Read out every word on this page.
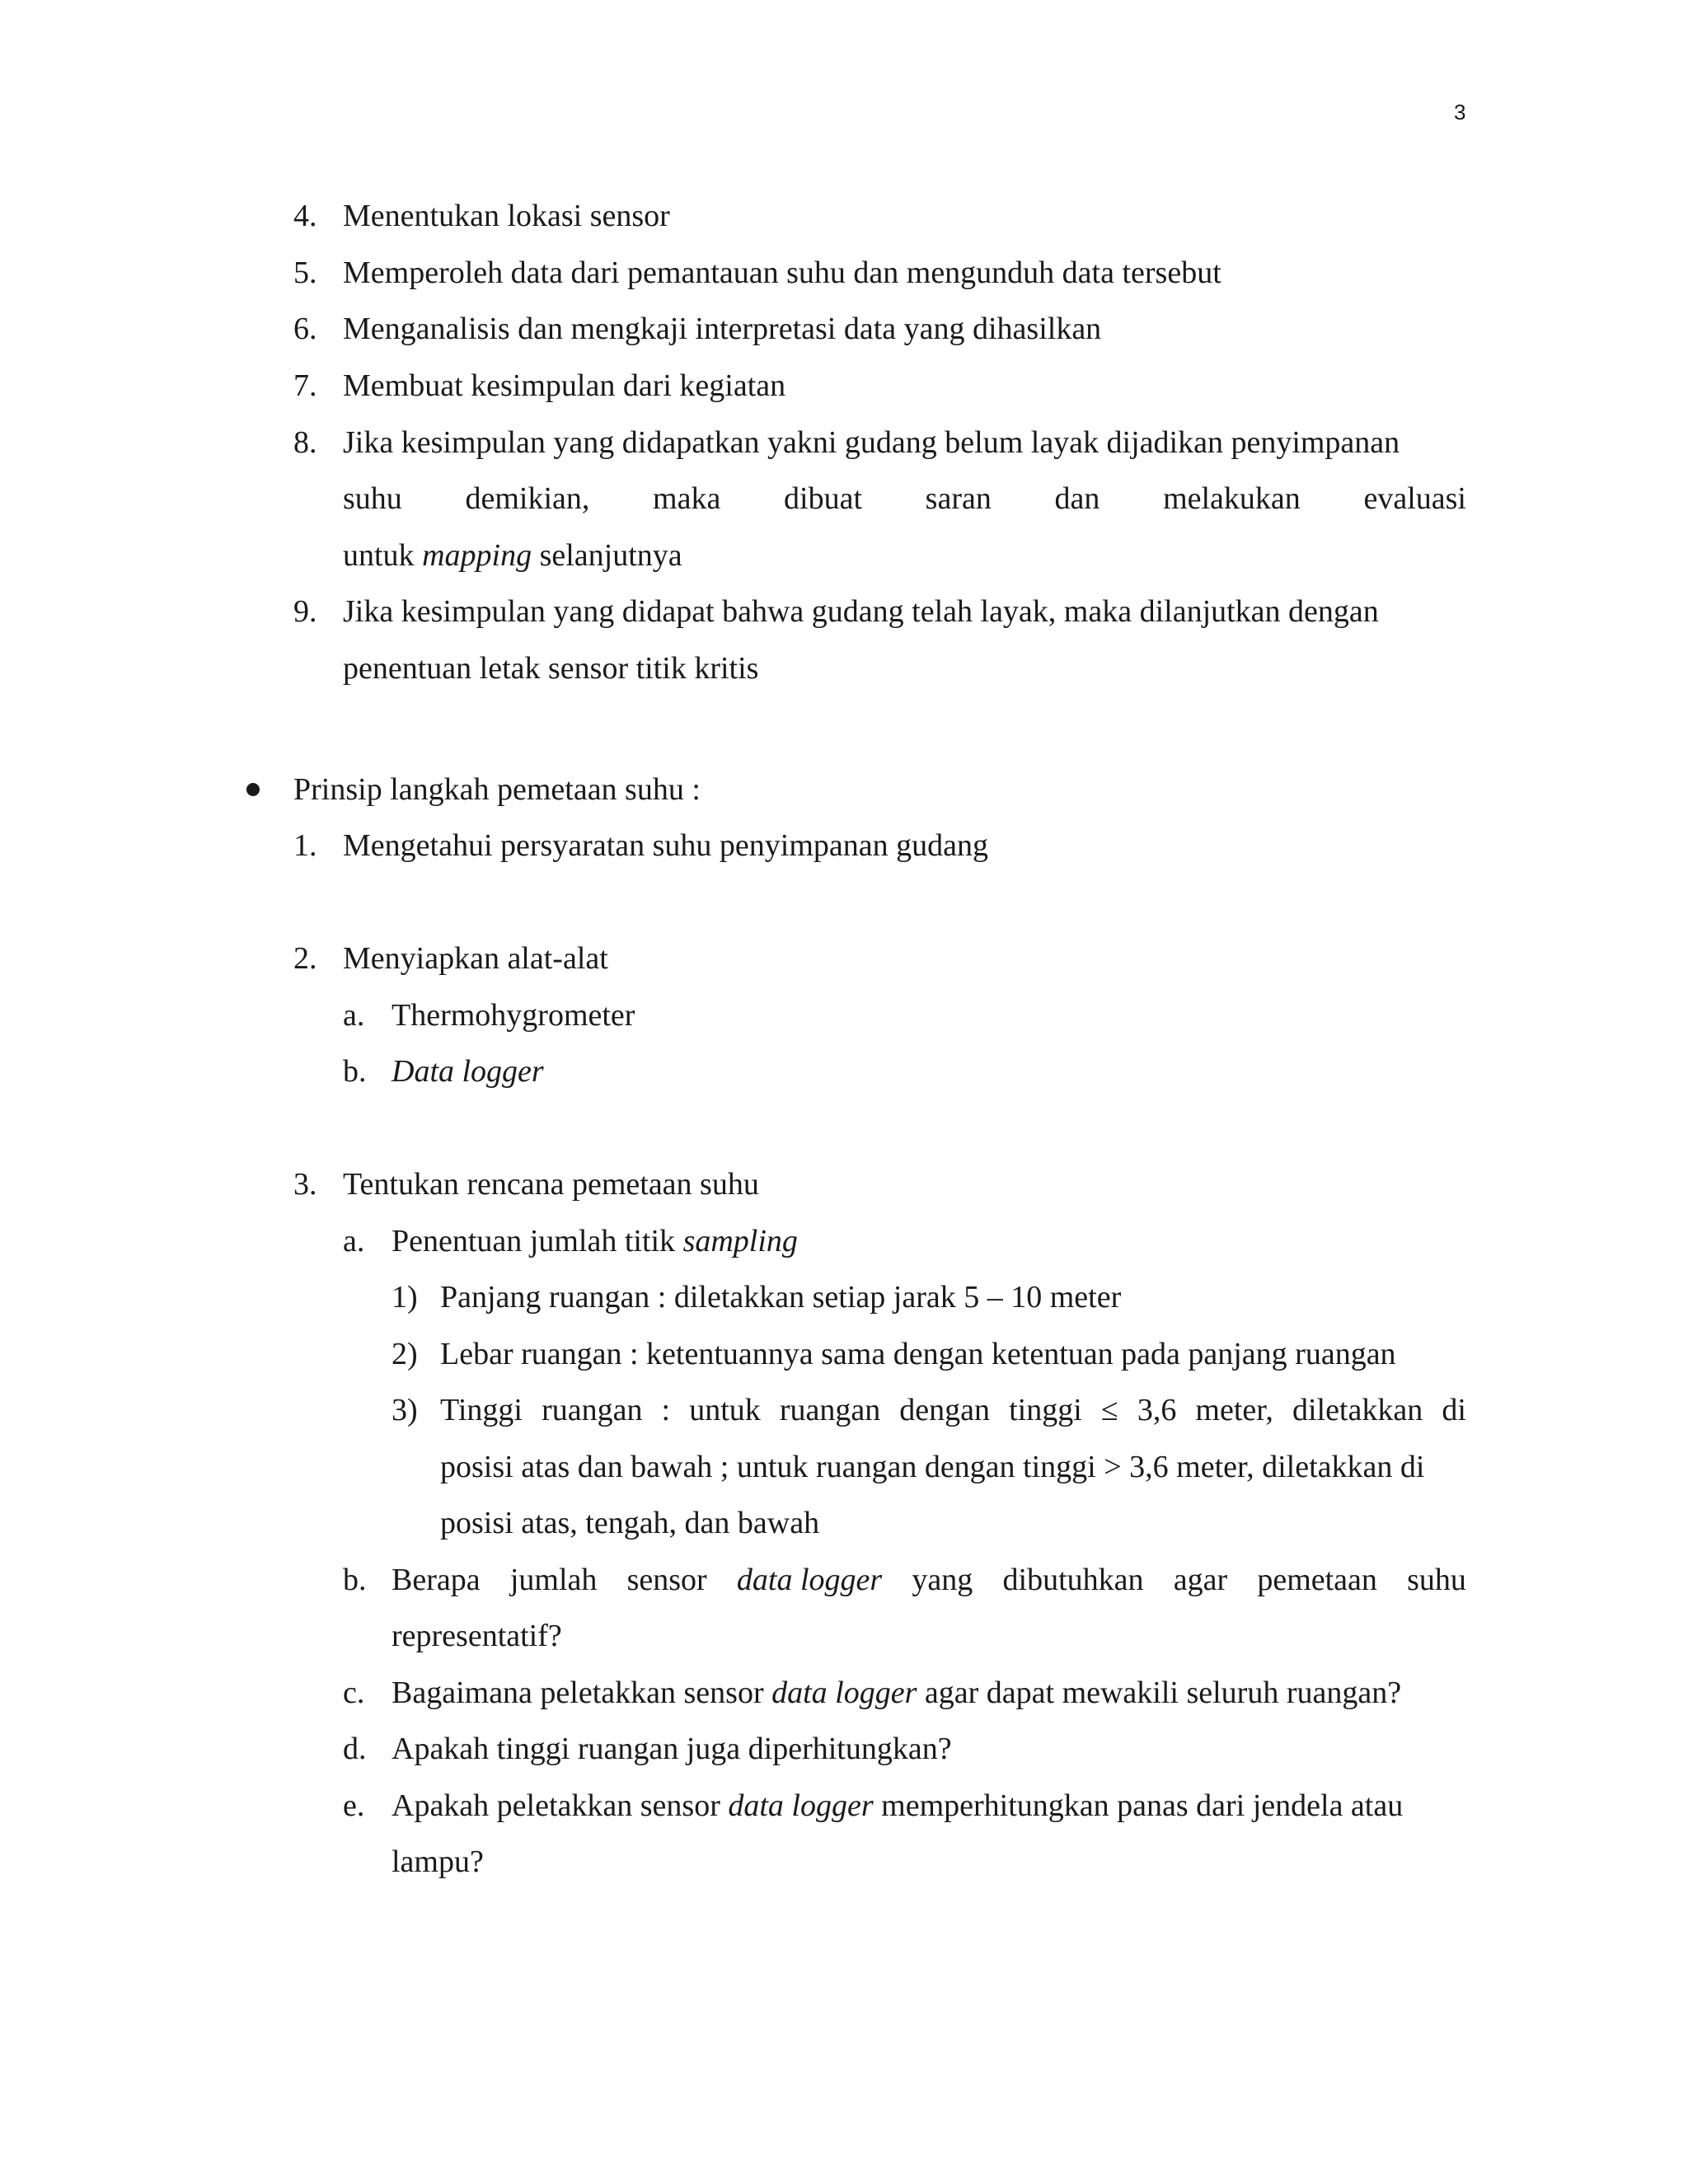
3
4. Menentukan lokasi sensor
5. Memperoleh data dari pemantauan suhu dan mengunduh data tersebut
6. Menganalisis dan mengkaji interpretasi data yang dihasilkan
7. Membuat kesimpulan dari kegiatan
8. Jika kesimpulan yang didapatkan yakni gudang belum layak dijadikan penyimpanan
suhu demikian, maka dibuat saran dan melakukan evaluasi
untuk mapping selanjutnya
9. Jika kesimpulan yang didapat bahwa gudang telah layak, maka dilanjutkan dengan
penentuan letak sensor titik kritis
Prinsip langkah pemetaan suhu :
1. Mengetahui persyaratan suhu penyimpanan gudang
2. Menyiapkan alat-alat
a. Thermohygrometer
b. Data logger
3. Tentukan rencana pemetaan suhu
a. Penentuan jumlah titik sampling
1) Panjang ruangan : diletakkan setiap jarak 5 – 10 meter
2) Lebar ruangan : ketentuannya sama dengan ketentuan pada panjang ruangan
3) Tinggi ruangan : untuk ruangan dengan tinggi ≤ 3,6 meter, diletakkan di
posisi atas dan bawah ; untuk ruangan dengan tinggi > 3,6 meter, diletakkan di
posisi atas, tengah, dan bawah
b. Berapa jumlah sensor data logger yang dibutuhkan agar pemetaan suhu
representatif?
c. Bagaimana peletakkan sensor data logger agar dapat mewakili seluruh ruangan?
d. Apakah tinggi ruangan juga diperhitungkan?
e. Apakah peletakkan sensor data logger memperhitungkan panas dari jendela atau
lampu?
